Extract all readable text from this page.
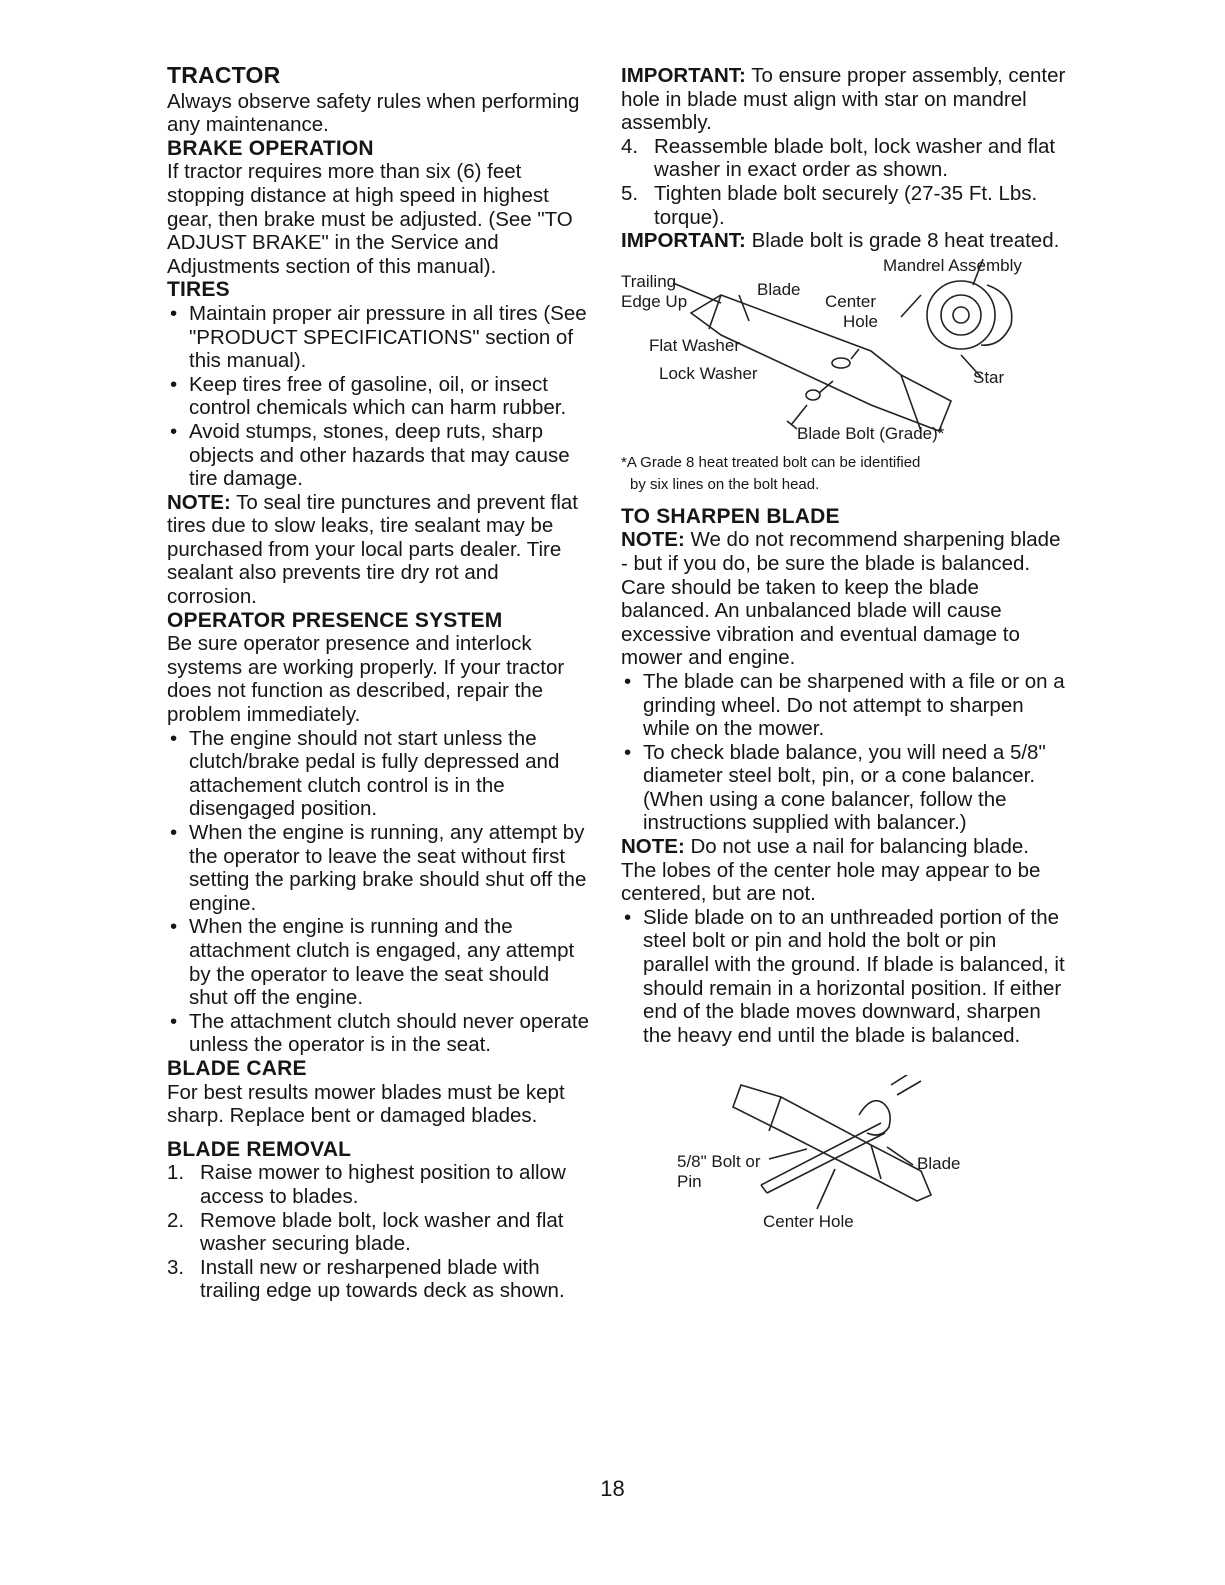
TRACTOR

Always observe safety rules when performing any maintenance.

BRAKE OPERATION

If tractor requires more than six (6) feet stopping distance at high speed in highest gear, then brake must be adjusted. (See "TO ADJUST BRAKE" in the Service and Adjustments section of this manual).

TIRES

• Maintain proper air pressure in all tires (See "PRODUCT SPECIFICATIONS" section of this manual).
• Keep tires free of gasoline, oil, or insect control chemicals which can harm rubber.
• Avoid stumps, stones, deep ruts, sharp objects and other hazards that may cause tire damage.

NOTE: To seal tire punctures and prevent flat tires due to slow leaks, tire sealant may be purchased from your local parts dealer. Tire sealant also prevents tire dry rot and corrosion.

OPERATOR PRESENCE SYSTEM

Be sure operator presence and interlock systems are working properly. If your tractor does not function as described, repair the problem immediately.

• The engine should not start unless the clutch/brake pedal is fully depressed and attachement clutch control is in the disengaged position.
• When the engine is running, any attempt by the operator to leave the seat without first setting the parking brake should shut off the engine.
• When the engine is running and the attachment clutch is engaged, any attempt by the operator to leave the seat should shut off the engine.
• The attachment clutch should never operate unless the operator is in the seat.

BLADE CARE

For best results mower blades must be kept sharp. Replace bent or damaged blades.

BLADE REMOVAL

1. Raise mower to highest position to allow access to blades.
2. Remove blade bolt, lock washer and flat washer securing blade.
3. Install new or resharpened blade with trailing edge up towards deck as shown.

IMPORTANT: To ensure proper assembly, center hole in blade must align with star on mandrel assembly.

4. Reassemble blade bolt, lock washer and flat washer in exact order as shown.
5. Tighten blade bolt securely (27-35 Ft. Lbs. torque).

IMPORTANT: Blade bolt is grade 8 heat treated.

Mandrel Assembly
Trailing
Edge Up
Blade
Center
Hole
Flat Washer
Lock Washer	Star
Blade Bolt (Grade)*

*A Grade 8 heat treated bolt can be identified

by six lines on the bolt head.

TO SHARPEN BLADE

NOTE: We do not recommend sharpening blade - but if you do, be sure the blade is balanced.

Care should be taken to keep the blade balanced. An unbalanced blade will cause excessive vibration and eventual damage to mower and engine.

• The blade can be sharpened with a file or on a grinding wheel. Do not attempt to sharpen while on the mower.
• To check blade balance, you will need a 5/8" diameter steel bolt, pin, or a cone balancer. (When using a cone balancer, follow the instructions supplied with balancer.)

NOTE: Do not use a nail for balancing blade. The lobes of the center hole may appear to be centered, but are not.

• Slide blade on to an unthreaded portion of the steel bolt or pin and hold the bolt or pin parallel with the ground. If blade is balanced, it should remain in a horizontal position. If either end of the blade moves downward, sharpen the heavy end until the blade is balanced.
5/8" Bolt or
Pin
Blade
Center Hole
18
